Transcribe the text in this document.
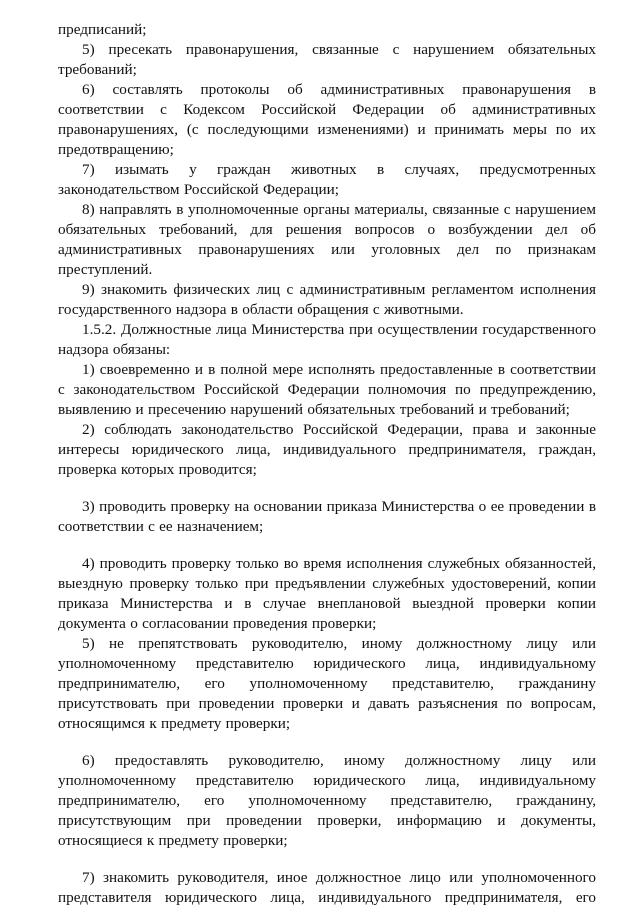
предписаний;

5) пресекать правонарушения, связанные с нарушением обязательных требований;

6) составлять протоколы об административных правонарушения в соответствии с Кодексом Российской Федерации об административных правонарушениях, (с последующими изменениями) и принимать меры по их предотвращению;

7) изымать у граждан животных в случаях, предусмотренных законодательством Российской Федерации;

8) направлять в уполномоченные органы материалы, связанные с нарушением обязательных требований, для решения вопросов о возбуждении дел об административных правонарушениях или уголовных дел по признакам преступлений.

9) знакомить физических лиц с административным регламентом исполнения государственного надзора в области обращения с животными.

1.5.2. Должностные лица Министерства при осуществлении государственного надзора обязаны:

1) своевременно и в полной мере исполнять предоставленные в соответствии с законодательством Российской Федерации полномочия по предупреждению, выявлению и пресечению нарушений обязательных требований и требований;

2) соблюдать законодательство Российской Федерации, права и законные интересы юридического лица, индивидуального предпринимателя, граждан, проверка которых проводится;

3) проводить проверку на основании приказа Министерства о ее проведении в соответствии с ее назначением;

4) проводить проверку только во время исполнения служебных обязанностей, выездную проверку только при предъявлении служебных удостоверений, копии приказа Министерства и в случае внеплановой выездной проверки копии документа о согласовании проведения проверки;

5) не препятствовать руководителю, иному должностному лицу или уполномоченному представителю юридического лица, индивидуальному предпринимателю, его уполномоченному представителю, гражданину присутствовать при проведении проверки и давать разъяснения по вопросам, относящимся к предмету проверки;

6) предоставлять руководителю, иному должностному лицу или уполномоченному представителю юридического лица, индивидуальному предпринимателю, его уполномоченному представителю, гражданину, присутствующим при проведении проверки, информацию и документы, относящиеся к предмету проверки;

7) знакомить руководителя, иное должностное лицо или уполномоченного представителя юридического лица, индивидуального предпринимателя, его
